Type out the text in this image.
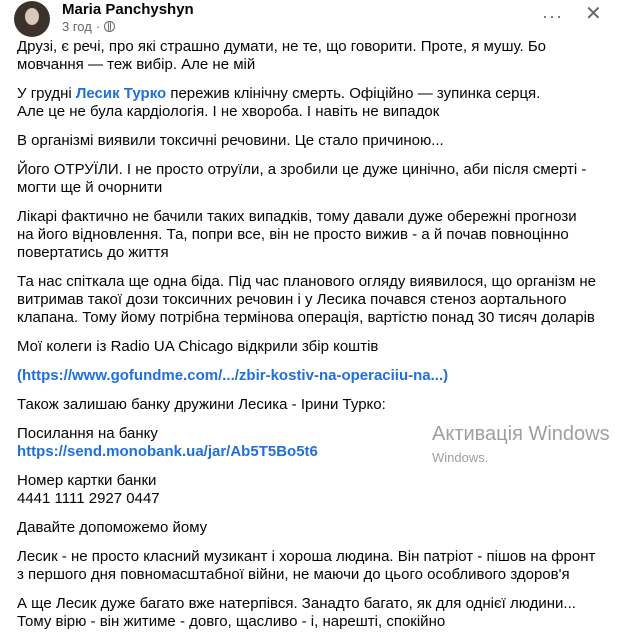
Maria Panchyshyn
3 год ·
··· ✕

Друзі, є речі, про які страшно думати, не те, що говорити. Проте, я мушу. Бо мовчання — теж вибір. Але не мій

У грудні Лесик Турко пережив клінічну смерть. Офіційно — зупинка серця.
Але це не була кардіологія. І не хвороба. І навіть не випадок

В організмі виявили токсичні речовини. Це стало причиною...

Його ОТРУЇЛИ. І не просто отруїли, а зробили це дуже цинічно, аби після смерті - могти ще й очорнити

Лікарі фактично не бачили таких випадків, тому давали дуже обережні прогнози на його відновлення. Та, попри все, він не просто вижив - а й почав повноцінно повертатись до життя

Та нас спіткала ще одна біда. Під час планового огляду виявилося, що організм не витримав такої дози токсичних речовин і у Лесика почався стеноз аортального клапана. Тому йому потрібна термінова операція, вартістю понад 30 тисяч доларів

Мої колеги із Radio UA Chicago відкрили збір коштів

(https://www.gofundme.com/.../zbir-kostiv-na-operaciiu-na...)

Також залишаю банку дружини Лесика - Ірини Турко:

Посилання на банку
https://send.monobank.ua/jar/Ab5T5Bo5t6

Номер картки банки
4441 1111 2927 0447

Давайте допоможемо йому

Лесик - не просто класний музикант і хороша людина. Він патріот - пішов на фронт з першого дня повномасштабної війни, не маючи до цього особливого здоров'я

А ще Лесик дуже багато вже натерпівся. Занадто багато, як для однієї людини... Тому вірю - він житиме - довго, щасливо - і, нарешті, спокійно

Активація Windows
Windows.
